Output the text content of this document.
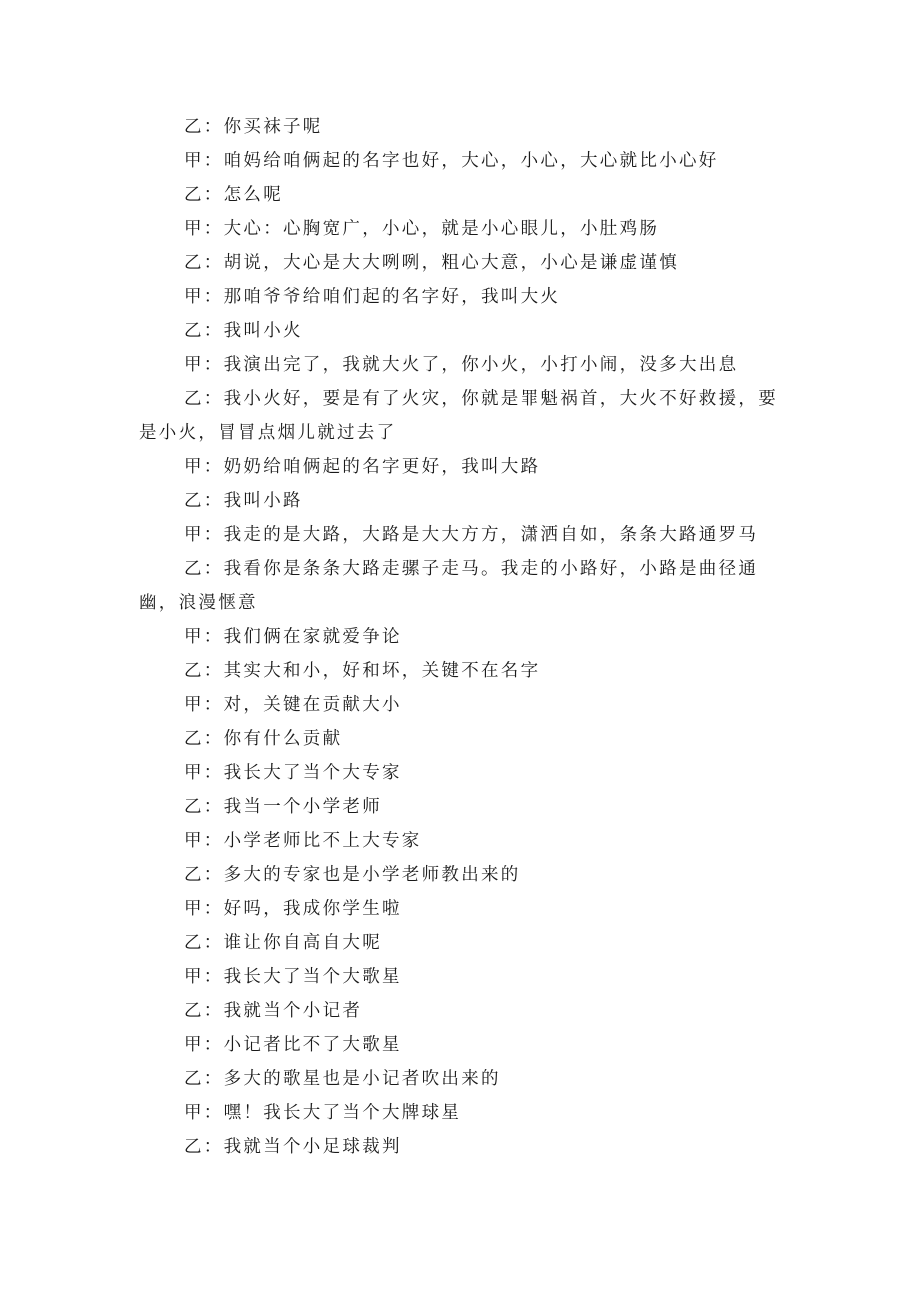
乙：你买袜子呢

甲：咱妈给咱俩起的名字也好，大心，小心，大心就比小心好

乙：怎么呢

甲：大心：心胸宽广，小心，就是小心眼儿，小肚鸡肠

乙：胡说，大心是大大咧咧，粗心大意，小心是谦虚谨慎

甲：那咱爷爷给咱们起的名字好，我叫大火

乙：我叫小火

甲：我演出完了，我就大火了，你小火，小打小闹，没多大出息

乙：我小火好，要是有了火灾，你就是罪魁祸首，大火不好救援，要是小火，冒冒点烟儿就过去了

甲：奶奶给咱俩起的名字更好，我叫大路

乙：我叫小路

甲：我走的是大路，大路是大大方方，潇洒自如，条条大路通罗马

乙：我看你是条条大路走骡子走马。我走的小路好，小路是曲径通幽，浪漫惬意

甲：我们俩在家就爱争论

乙：其实大和小，好和坏，关键不在名字

甲：对，关键在贡献大小

乙：你有什么贡献

甲：我长大了当个大专家

乙：我当一个小学老师

甲：小学老师比不上大专家

乙：多大的专家也是小学老师教出来的

甲：好吗，我成你学生啦

乙：谁让你自高自大呢

甲：我长大了当个大歌星

乙：我就当个小记者

甲：小记者比不了大歌星

乙：多大的歌星也是小记者吹出来的

甲：嘿！我长大了当个大牌球星

乙：我就当个小足球裁判
